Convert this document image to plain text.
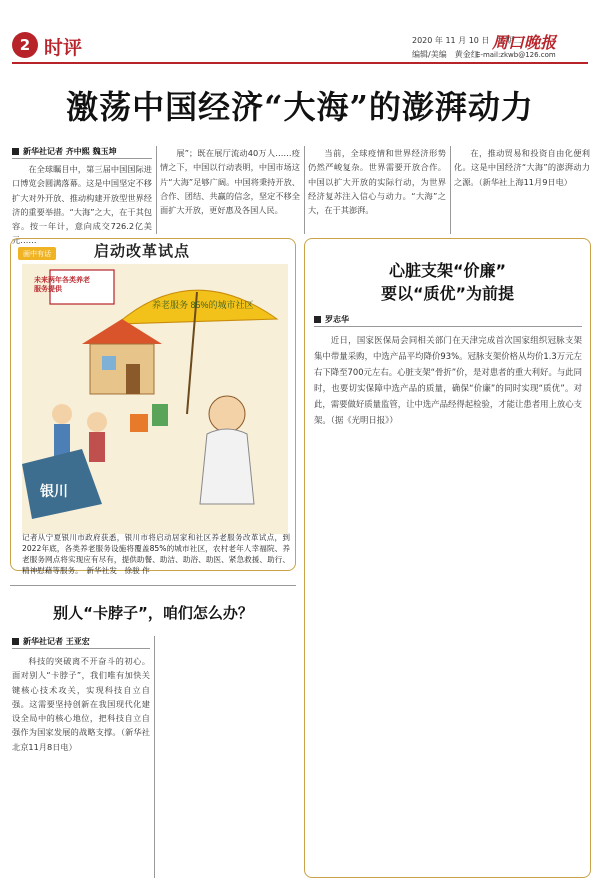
2 时评	2020 年 11 月 10 日　星期二
编辑/美编　黄金红
周口晚报
E-mail:zkwb@126.com
激荡中国经济“大海”的澎湃动力
新华社记者 齐中熙 魏玉坤

在全球瞩目中，第三届中国国际进口博览会圆满落幕。这是中国坚定不移扩大对外开放、推动构建开放型世界经济的重要举措。“大海”之大，在于其包容。按一年计，意向成交726.2亿美元……

展”；既在展厅流动40万人……疫情之下，中国以行动表明，中国市场这片“大海”足够广阔。中国将秉持开放、合作、团结、共赢的信念，坚定不移全面扩大开放，更好惠及各国人民。

当前，全球疫情和世界经济形势仍然严峻复杂。世界需要开放合作。中国以扩大开放的实际行动，为世界经济复苏注入信心与动力。“大海”之大，在于其澎湃。

在，推动贸易和投资自由化便利化。这是中国经济“大海”的澎湃动力之源。（新华社上海11月9日电）

画中有话	启动改革试点
养老服务 85%的城市社区
银川
未来两年各类养老服务提供
记者从宁夏银川市政府获悉，银川市将启动居家和社区养老服务改革试点，到2022年底，各类养老服务设施将覆盖85%的城市社区，农村老年人幸福院、养老服务网点将实现应有尽有，提供助餐、助洁、助浴、助医、紧急救援、助行、精神慰藉等服务。　新华社发　徐骏 作
心脏支架“价廉”
要以“质优”为前提
罗志华

近日，国家医保局会同相关部门在天津完成首次国家组织冠脉支架集中带量采购，中选产品平均降价93%。冠脉支架价格从均价1.3万元左右下降至700元左右。心脏支架“骨折”价，是对患者的重大利好。与此同时，也要切实保障中选产品的质量，确保“价廉”的同时实现“质优”。对此，需要做好质量监管，让中选产品经得起检验，才能让患者用上放心支架。（据《光明日报》）

别人“卡脖子”，咱们怎么办？
新华社记者 王亚宏

科技的突破离不开奋斗的初心。面对别人“卡脖子”，我们唯有加快关键核心技术攻关，实现科技自立自强。这需要坚持创新在我国现代化建设全局中的核心地位，把科技自立自强作为国家发展的战略支撑。（新华社北京11月8日电）
